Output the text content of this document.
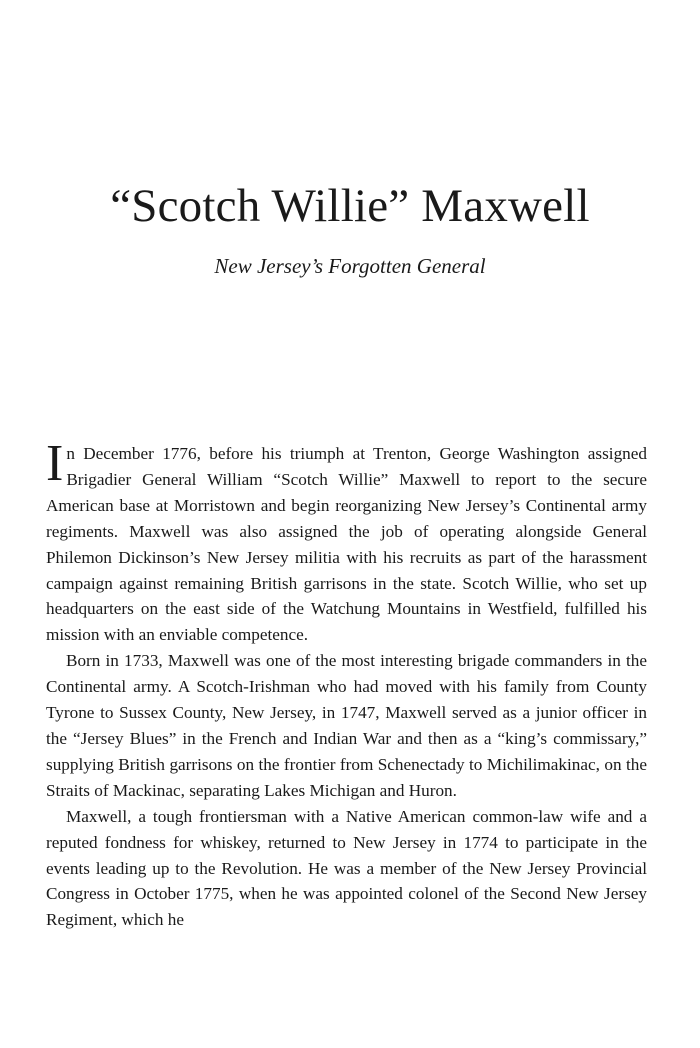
“Scotch Willie” Maxwell
New Jersey’s Forgotten General

In December 1776, before his triumph at Trenton, George Washington assigned Brigadier General William “Scotch Willie” Maxwell to report to the secure American base at Morristown and begin reorganizing New Jersey’s Continental army regiments. Maxwell was also assigned the job of operating alongside General Philemon Dickinson’s New Jersey militia with his recruits as part of the harassment campaign against remaining British garrisons in the state. Scotch Willie, who set up headquarters on the east side of the Watchung Mountains in Westfield, fulfilled his mission with an enviable competence.

Born in 1733, Maxwell was one of the most interesting brigade commanders in the Continental army. A Scotch-Irishman who had moved with his family from County Tyrone to Sussex County, New Jersey, in 1747, Maxwell served as a junior officer in the “Jersey Blues” in the French and Indian War and then as a “king’s commissary,” supplying British garrisons on the frontier from Schenectady to Michilimakinac, on the Straits of Mackinac, separating Lakes Michigan and Huron.

Maxwell, a tough frontiersman with a Native American common-law wife and a reputed fondness for whiskey, returned to New Jersey in 1774 to participate in the events leading up to the Revolution. He was a member of the New Jersey Provincial Congress in October 1775, when he was appointed colonel of the Second New Jersey Regiment, which he
